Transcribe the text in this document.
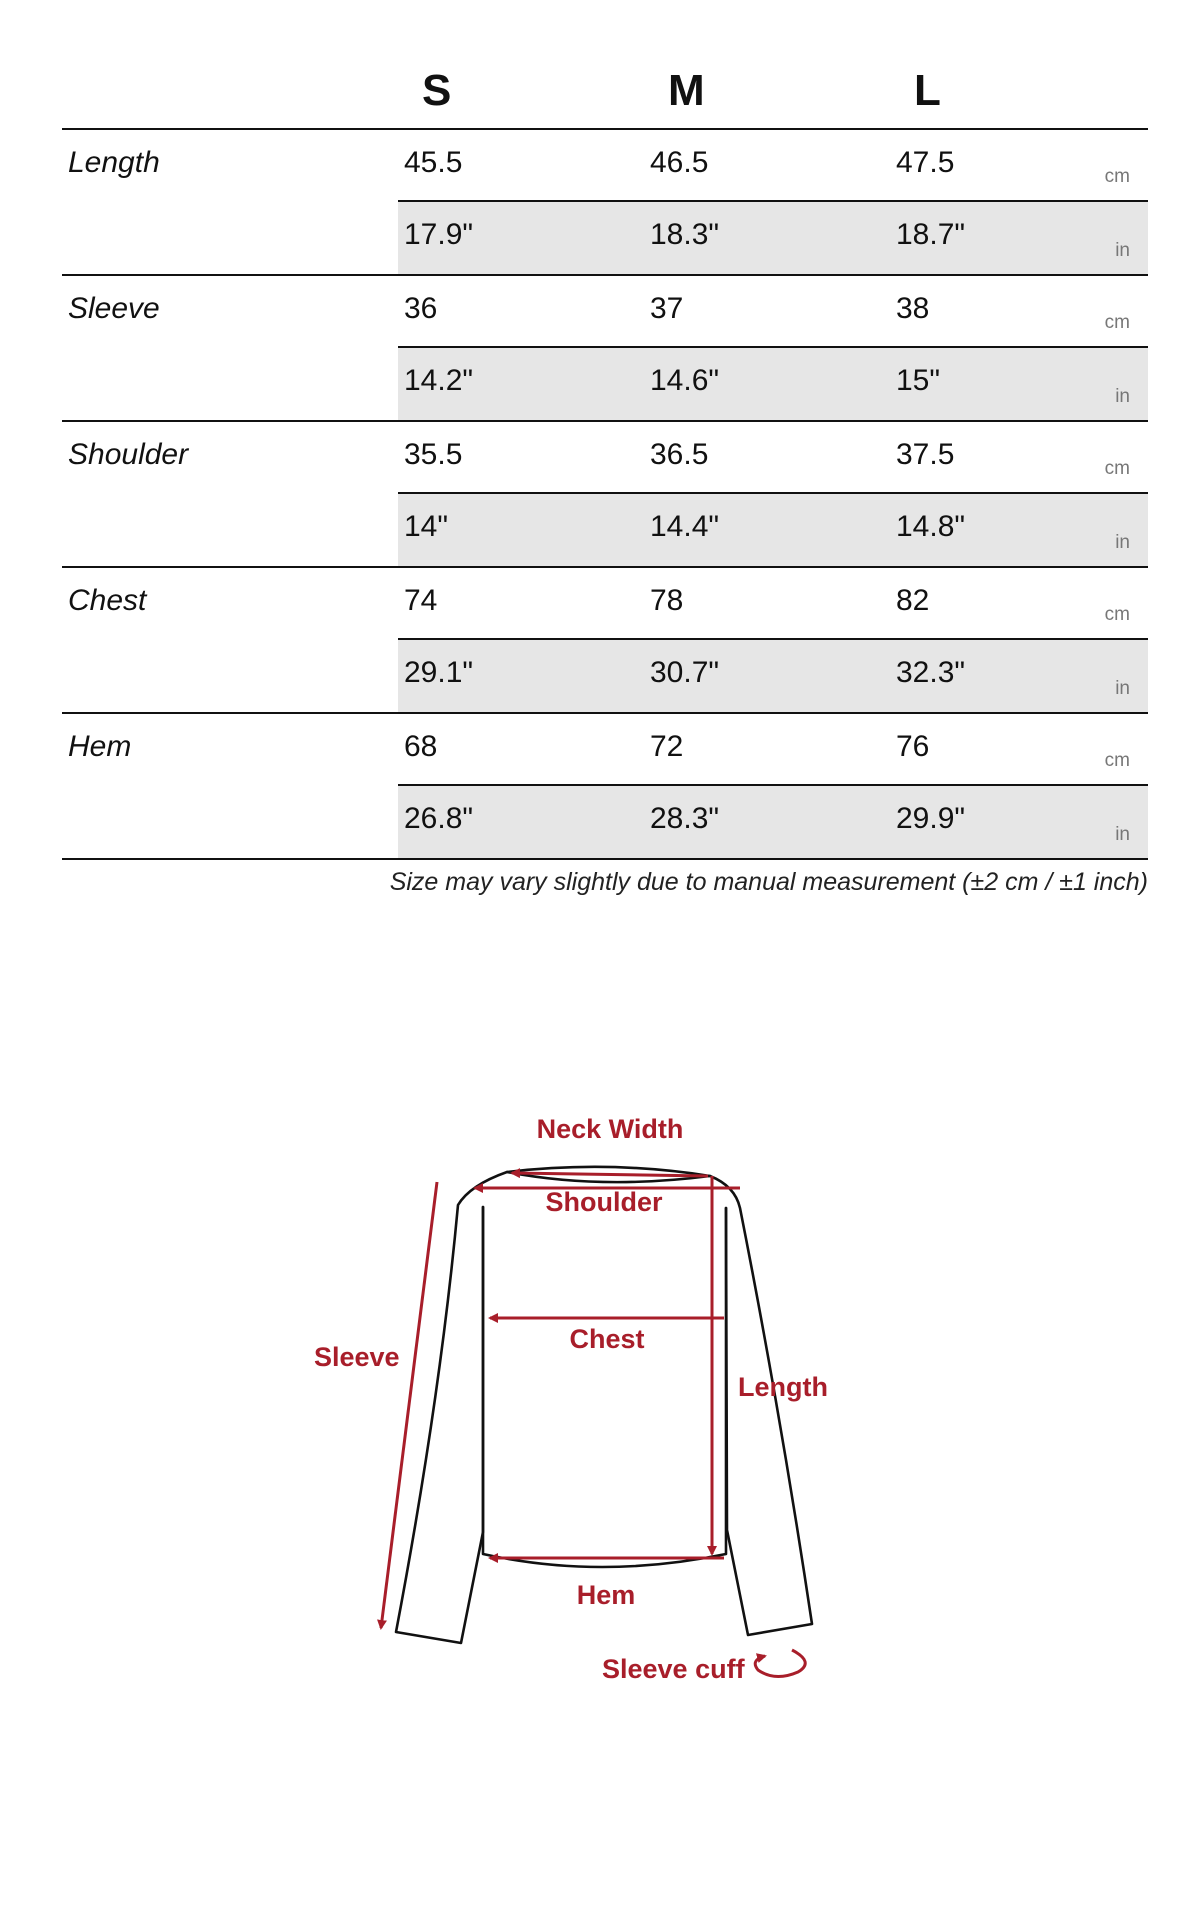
S	M	L
Length	45.5	46.5	47.5	cm
17.9"	18.3"	18.7"	in
Sleeve	36	37	38	cm
14.2"	14.6"	15"	in
Shoulder	35.5	36.5	37.5	cm
14"	14.4"	14.8"	in
Chest	74	78	82	cm
29.1"	30.7"	32.3"	in
Hem	68	72	76	cm
26.8"	28.3"	29.9"	in
Size may vary slightly due to manual measurement (±2 cm / ±1 inch)
Neck Width
Shoulder
Chest
Length
Sleeve
Hem
Sleeve cuff
